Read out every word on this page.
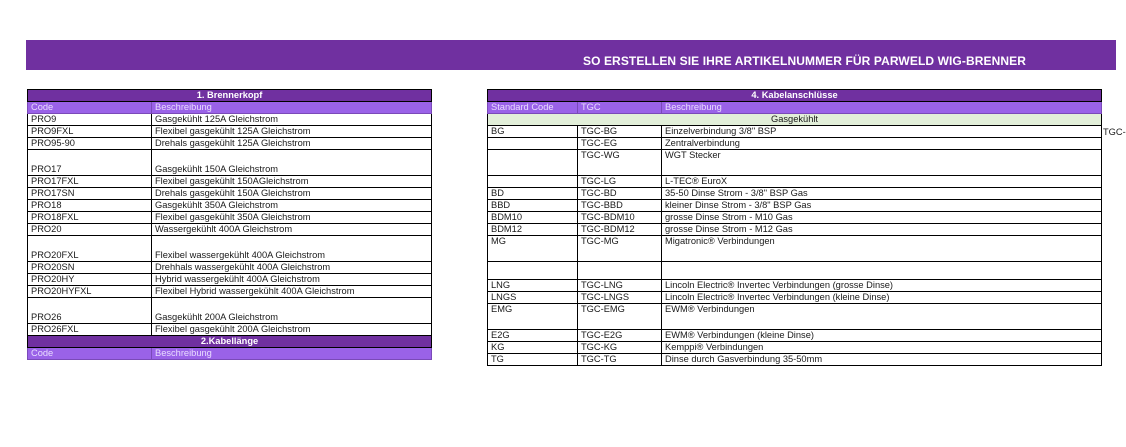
SO ERSTELLEN SIE IHRE ARTIKELNUMMER FÜR PARWELD WIG-BRENNER
1. Brennerkopf	
Code	Beschreibung
PRO9	Gasgekühlt 125A Gleichstrom
PRO9FXL	Flexibel gasgekühlt 125A Gleichstrom
PRO95-90	Drehals gasgekühlt 125A Gleichstrom
PRO17	Gasgekühlt 150A Gleichstrom
PRO17FXL	Flexibel gasgekühlt 150AGleichstrom
PRO17SN	Drehals gasgekühlt 150A Gleichstrom
PRO18	Gasgekühlt 350A Gleichstrom
PRO18FXL	Flexibel gasgekühlt 350A Gleichstrom
PRO20	Wassergekühlt 400A Gleichstrom
PRO20FXL	Flexibel wassergekühlt 400A Gleichstrom
PRO20SN	Drehhals wassergekühlt 400A Gleichstrom
PRO20HY	Hybrid wassergekühlt 400A Gleichstrom
PRO20HYFXL	Flexibel Hybrid wassergekühlt 400A Gleichstrom
PRO26	Gasgekühlt 200A Gleichstrom
PRO26FXL	Flexibel gasgekühlt 200A Gleichstrom
2.Kabellänge	
Code	Beschreibung
4. Kabelanschlüsse		
Standard Code	TGC	Beschreibung
Gasgekühlt		
BG	TGC-BG	Einzelverbindung 3/8" BSP
	TGC-EG	Zentralverbindung
	TGC-WG	WGT Stecker
	TGC-LG	L-TEC® EuroX
BD	TGC-BD	35-50 Dinse Strom - 3/8" BSP Gas
BBD	TGC-BBD	kleiner Dinse Strom - 3/8" BSP Gas
BDM10	TGC-BDM10	grosse Dinse Strom - M10 Gas
BDM12	TGC-BDM12	grosse Dinse Strom - M12 Gas
MG	TGC-MG	Migatronic® Verbindungen

LNG	TGC-LNG	Lincoln Electric® Invertec Verbindungen (grosse Dinse)
LNGS	TGC-LNGS	Lincoln Electric® Invertec Verbindungen (kleine Dinse)
EMG	TGC-EMG	EWM® Verbindungen
E2G	TGC-E2G	EWM® Verbindungen (kleine Dinse)
KG	TGC-KG	Kemppi® Verbindungen
TG	TGC-TG	Dinse durch Gasverbindung 35-50mm
TGC-
